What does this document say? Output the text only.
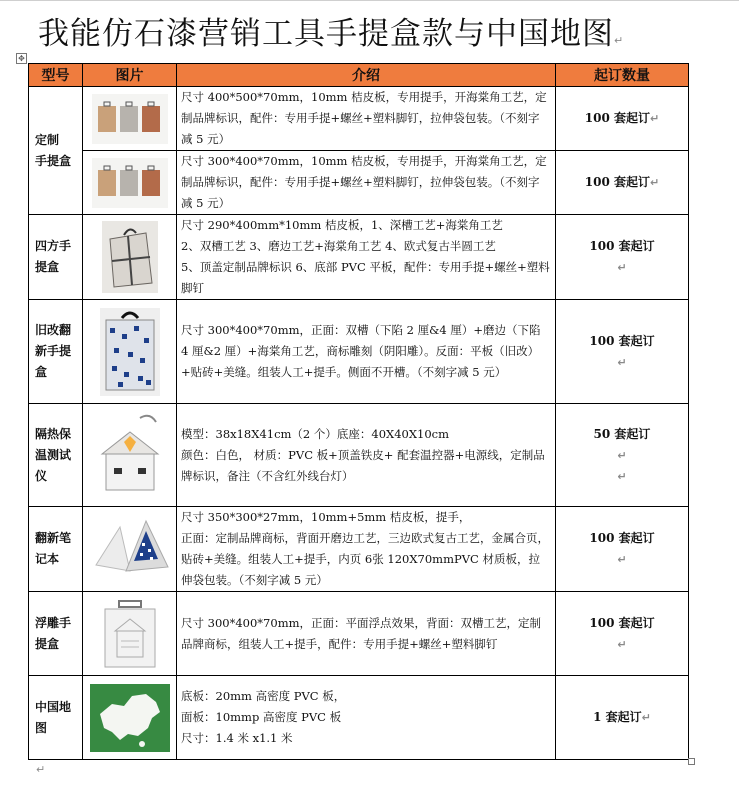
我能仿石漆营销工具手提盒款与中国地图↵
✥
型号	图片	介绍	起订数量
定制
手提盒		尺寸 400*500*70mm，10mm 桔皮板，专用提手，开海棠角工艺，定制品牌标识，配件：专用手提+螺丝+塑料脚钉，拉伸袋包装。（不刻字减 5 元）	100 套起订↵

	尺寸 300*400*70mm，10mm 桔皮板，专用提手，开海棠角工艺，定制品牌标识，配件：专用手提+螺丝+塑料脚钉，拉伸袋包装。（不刻字减 5 元）	100 套起订↵
四方手
提盒		尺寸 290*400mm*10mm 桔皮板，1、深槽工艺+海棠角工艺
2、双槽工艺 3、磨边工艺+海棠角工艺 4、欧式复古半圆工艺
5、顶盖定制品牌标识 6、底部 PVC 平板，配件：专用手提+螺丝+塑料脚钉	100 套起订
↵
旧改翻
新手提
盒		尺寸 300*400*70mm，正面：双槽（下陷 2 厘&4 厘）+磨边（下陷 4 厘&2 厘）+海棠角工艺，商标雕刻（阴阳雕）。反面：平板（旧改）+贴砖+美缝。组装人工+提手。侧面不开槽。（不刻字减 5 元）	100 套起订
↵
隔热保
温测试
仪		模型：38x18X41cm（2 个）底座：40X40X10cm
颜色：白色， 材质：PVC 板+顶盖铁皮+ 配套温控器+电源线，定制品牌标识，备注（不含红外线台灯）	50 套起订
↵
↵
翻新笔
记本		尺寸 350*300*27mm，10mm+5mm 桔皮板，提手，
正面：定制品牌商标，背面开磨边工艺，三边欧式复古工艺，金属合页，贴砖+美缝。组装人工+提手，内页 6张 120X70mmPVC 材质板，拉伸袋包装。（不刻字减 5 元）	100 套起订
↵
浮雕手
提盒		尺寸 300*400*70mm，正面：平面浮点效果，背面：双槽工艺，定制品牌商标，组装人工+提手，配件：专用手提+螺丝+塑料脚钉	100 套起订
↵
中国地
图		底板：20mm 高密度 PVC 板，
面板：10mmp 高密度 PVC 板
尺寸：1.4 米 x1.1 米	1 套起订↵
↵
